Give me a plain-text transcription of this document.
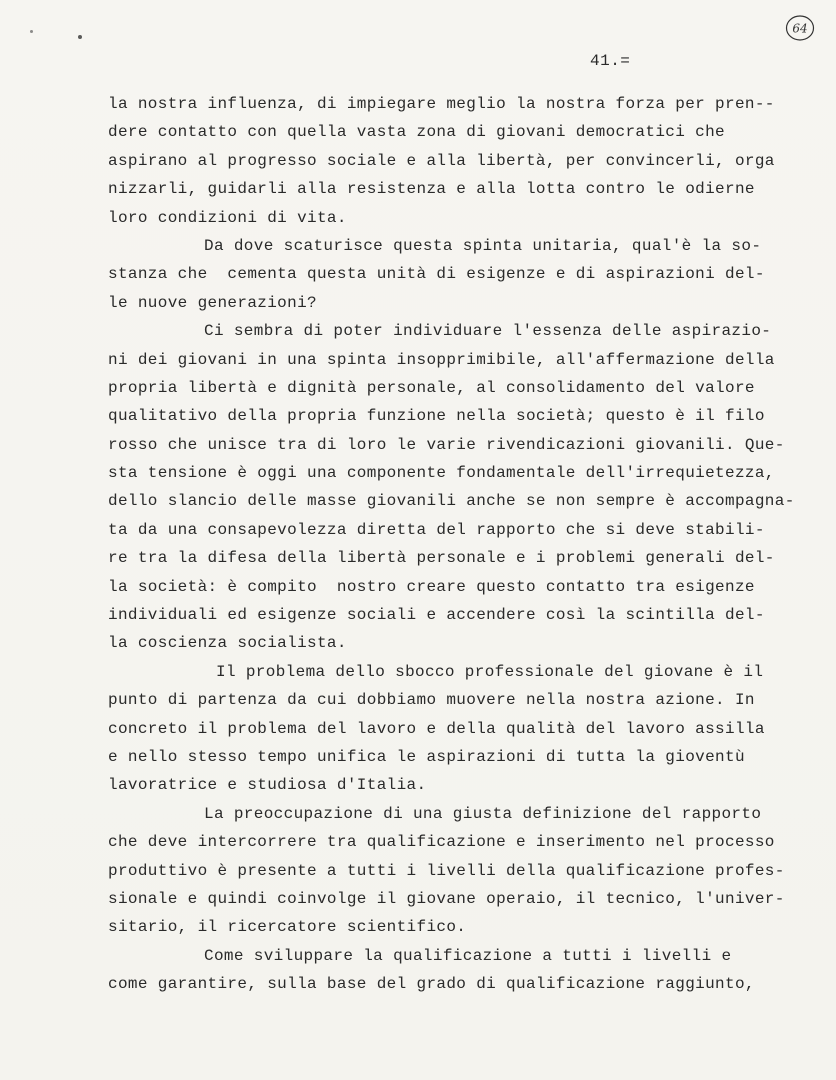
64
41.=
la nostra influenza, di impiegare meglio la nostra forza per pren--
dere contatto con quella vasta zona di giovani democratici che
aspirano al progresso sociale e alla libertà, per convincerli, orga
nizzarli, guidarli alla resistenza e alla lotta contro le odierne
loro condizioni di vita.
Da dove scaturisce questa spinta unitaria, qual'è la so-
stanza che  cementa questa unità di esigenze e di aspirazioni del-
le nuove generazioni?
Ci sembra di poter individuare l'essenza delle aspirazio-
ni dei giovani in una spinta insopprimibile, all'affermazione della
propria libertà e dignità personale, al consolidamento del valore
qualitativo della propria funzione nella società; questo è il filo
rosso che unisce tra di loro le varie rivendicazioni giovanili. Que-
sta tensione è oggi una componente fondamentale dell'irrequietezza,
dello slancio delle masse giovanili anche se non sempre è accompagna-
ta da una consapevolezza diretta del rapporto che si deve stabili-
re tra la difesa della libertà personale e i problemi generali del-
la società: è compito  nostro creare questo contatto tra esigenze
individuali ed esigenze sociali e accendere così la scintilla del-
la coscienza socialista.
Il problema dello sbocco professionale del giovane è il
punto di partenza da cui dobbiamo muovere nella nostra azione. In
concreto il problema del lavoro e della qualità del lavoro assilla
e nello stesso tempo unifica le aspirazioni di tutta la gioventù
lavoratrice e studiosa d'Italia.
La preoccupazione di una giusta definizione del rapporto
che deve intercorrere tra qualificazione e inserimento nel processo
produttivo è presente a tutti i livelli della qualificazione profes-
sionale e quindi coinvolge il giovane operaio, il tecnico, l'univer-
sitario, il ricercatore scientifico.
Come sviluppare la qualificazione a tutti i livelli e
come garantire, sulla base del grado di qualificazione raggiunto,
